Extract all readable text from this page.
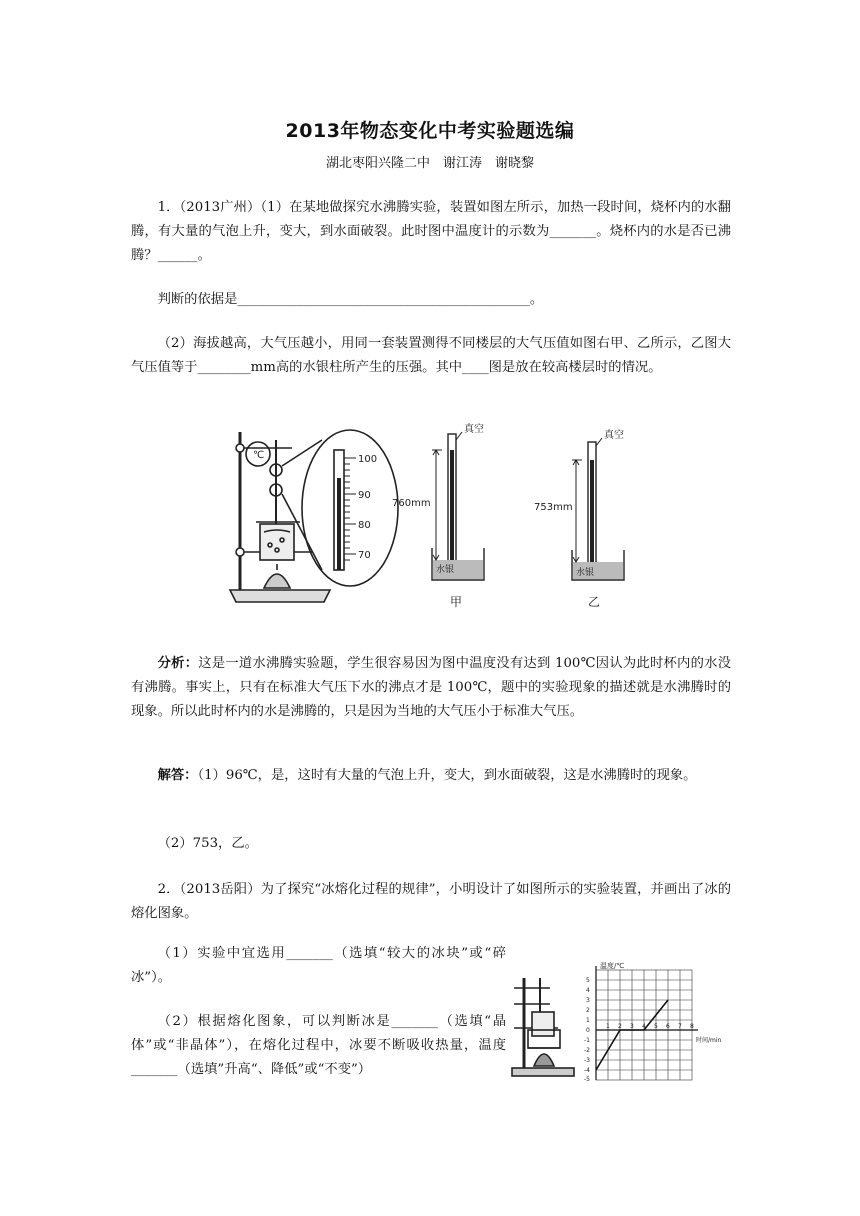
2013年物态变化中考实验题选编
湖北枣阳兴隆二中　谢江涛　谢晓黎
1．（2013广州）（1）在某地做探究水沸腾实验，装置如图左所示，加热一段时间，烧杯内的水翻腾，有大量的气泡上升，变大，到水面破裂。此时图中温度计的示数为_______。烧杯内的水是否已沸腾？______。
判断的依据是____________________________________________。
（2）海拔越高，大气压越小，用同一套装置测得不同楼层的大气压值如图右甲、乙所示，乙图大气压值等于________mm高的水银柱所产生的压强。其中____图是放在较高楼层时的情况。
℃	100
90
80
70
真空
760mm
水银
甲
真空
753mm
水银
乙
分析：这是一道水沸腾实验题，学生很容易因为图中温度没有达到 100℃因认为此时杯内的水没有沸腾。事实上，只有在标准大气压下水的沸点才是 100℃，题中的实验现象的描述就是水沸腾时的现象。所以此时杯内的水是沸腾的，只是因为当地的大气压小于标准大气压。
解答：（1）96℃，是，这时有大量的气泡上升，变大，到水面破裂，这是水沸腾时的现象。
（2）753，乙。
2．（2013岳阳）为了探究“冰熔化过程的规律”，小明设计了如图所示的实验装置，并画出了冰的熔化图象。
（1）实验中宜选用_______（选填“较大的冰块”或“碎冰”）。
（2）根据熔化图象，可以判断冰是_______（选填“晶体”或“非晶体”），在熔化过程中，冰要不断吸收热量，温度_______（选填”升高“、降低”或“不变”）
温度/℃
时间/min
5
4
3
2
1
0
-1
-2
-3
-4
-5
1 2 3 4 5 6 7 8
